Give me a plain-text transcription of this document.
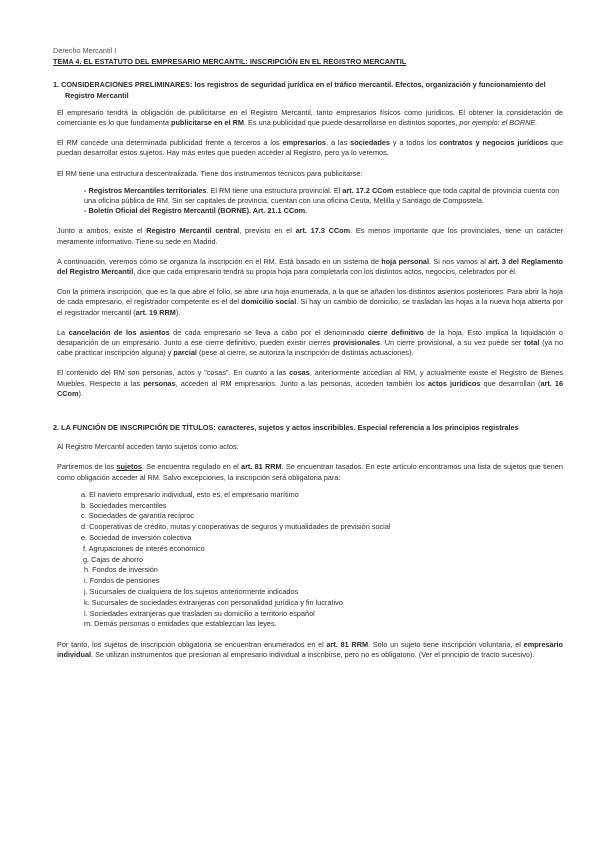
Derecho Mercantil I
TEMA 4. EL ESTATUTO DEL EMPRESARIO MERCANTIL: INSCRIPCIÓN EN EL REGISTRO MERCANTIL
1. CONSIDERACIONES PRELIMINARES: los registros de seguridad jurídica en el tráfico mercantil. Efectos, organización y funcionamiento del Registro Mercantil

El empresario tendrá la obligación de publicitarse en el Registro Mercantil, tanto empresarios físicos como jurídicos. El obtener la consideración de comerciante es lo que fundamenta publicitarse en el RM. Es una publicidad que puede desarrollarse en distintos soportes, por ejemplo: el BORNE.

El RM concede una determinada publicidad frente a terceros a los empresarios, a las sociedades y a todos los contratos y negocios jurídicos que puedan desarrollar estos sujetos. Hay más entes que pueden acceder al Registro, pero ya lo veremos.

El RM tiene una estructura descentralizada. Tiene dos instrumentos técnicos para publicitarse:

- Registros Mercantiles territoriales. El RM tiene una estructura provincial. El art. 17.2 CCom establece que toda capital de provincia cuenta con una oficina pública de RM. Sin ser capitales de provincia, cuentan con una oficina Ceuta, Melilla y Santiago de Compostela.
- Boletín Oficial del Registro Mercantil (BORNE). Art. 21.1 CCom.

Junto a ambos, existe el Registro Mercantil central, previsto en el art. 17.3 CCom. Es menos importante que los provinciales, tiene un carácter meramente informativo. Tiene su sede en Madrid.

A continuación, veremos cómo se organiza la inscripción en el RM. Está basado en un sistema de hoja personal. Si nos vamos al art. 3 del Reglamento del Registro Mercantil, dice que cada empresario tendrá su propia hoja para completarla con los distintos actos, negocios, celebrados por él.

Con la primera inscripción, que es la que abre el folio, se abre una hoja enumerada, a la que se añaden los distintos asientos posteriores. Para abrir la hoja de cada empresario, el registrador competente es el del domicilio social. Si hay un cambio de domicilio, se trasladan las hojas a la nueva hoja abierta por el registrador mercantil (art. 19 RRM).

La cancelación de los asientos de cada empresario se lleva a cabo por el denominado cierre definitivo de la hoja. Esto implica la liquidación o desaparición de un empresario. Junto a ese cierre definitivo, pueden existir cierres provisionales. Un cierre provisional, a su vez puede ser total (ya no cabe practicar inscripción alguna) y parcial (pese al cierre, se autoriza la inscripción de distintas actuaciones).

El contenido del RM son personas, actos y "cosas". En cuanto a las cosas, anteriormente accedían al RM, y actualmente existe el Registro de Bienes Muebles. Respecto a las personas, acceden al RM empresarios. Junto a las personas, acceden también los actos jurídicos que desarrollan (art. 16 CCom).

2. LA FUNCIÓN DE INSCRIPCIÓN DE TÍTULOS: caracteres, sujetos y actos inscribibles. Especial referencia a los principios registrales

Al Registro Mercantil acceden tanto sujetos como actos.

Partiremos de los sujetos. Se encuentra regulado en el art. 81 RRM. Se encuentran tasados. En este artículo encontramos una lista de sujetos que tienen como obligación acceder al RM. Salvo excepciones, la inscripción será obligatoria para:

a. El naviero empresario individual, esto es, el empresario marítimo
b. Sociedades mercantiles
c. Sociedades de garantía recíproc
d. Cooperativas de crédito, mutas y cooperativas de seguros y mutualidades de previsión social
e. Sociedad de inversión colectiva
f. Agrupaciones de interés económico
g. Cajas de ahorro
h. Fondos de inversión
i. Fondos de pensiones
j. Sucursales de cualquiera de los sujetos anteriormente indicados
k. Sucursales de sociedades extranjeras con personalidad jurídica y fin lucrativo
l. Sociedades extranjeras que trasladen su domicilio a territorio español
m. Demás personas o entidades que establezcan las leyes.

Por tanto, los sujetos de inscripción obligatoria se encuentran enumerados en el art. 81 RRM. Solo un sujeto tiene inscripción voluntaria, el empresario individual. Se utilizan instrumentos que presionan al empresario individual a inscribirse, pero no es obligatorio. (Ver el principio de tracto sucesivo).
